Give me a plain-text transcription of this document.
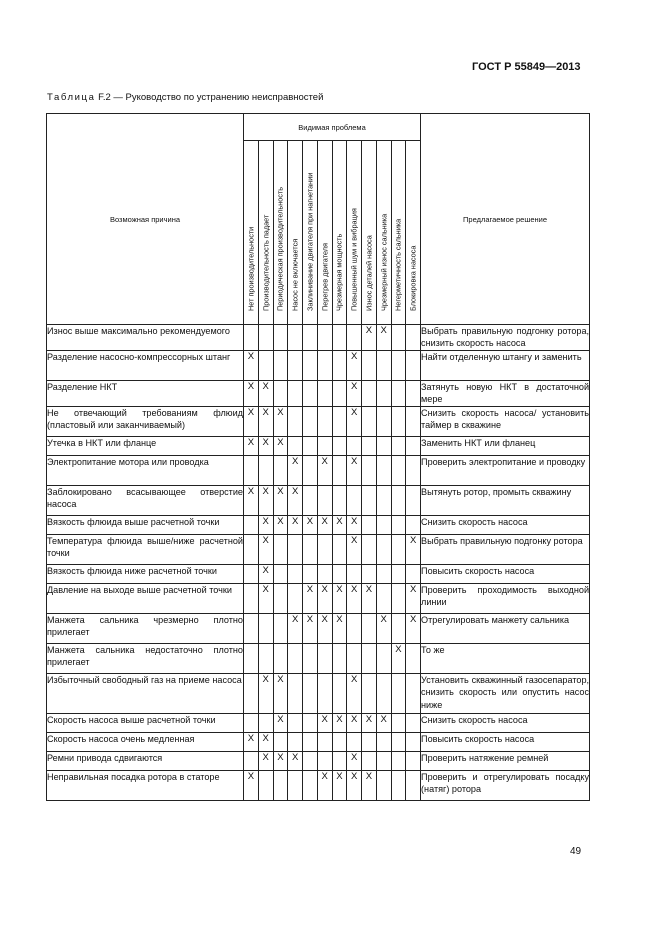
ГОСТ Р 55849—2013
Таблица F.2 — Руководство по устранению неисправностей
Возможная причина	Видимая проблема												Предлагаемое решение

	Нет производительности	Производительность падает	Периодическая производительность	Насос не включается	Заклинивание двигателя при нагнетании	Перегрев двигателя	Чрезмерная мощность	Повышенный шум и вибрация	Износ деталей насоса	Чрезмерный износ сальника	Негерметичность сальника	Блокировка насоса	

Износ выше максимально рекомендуемого									X	X			Выбрать правильную подгонку ротора, снизить скорость насоса
Разделение насосно-компрессорных штанг	X							X					Найти отделенную штангу и заменить
Разделение НКТ	X	X						X					Затянуть новую НКТ в достаточной мере
Не отвечающий требованиям флюид (пластовый или заканчиваемый)	X	X	X					X					Снизить скорость насоса/ установить таймер в скважине
Утечка в НКТ или фланце	X	X	X										Заменить НКТ или фланец
Электропитание мотора или проводка				X		X		X					Проверить электропитание и проводку
Заблокировано всасывающее отверстие насоса	X	X	X	X									Вытянуть ротор, промыть скважину
Вязкость флюида выше расчетной точки		X	X	X	X	X	X	X					Снизить скорость насоса
Температура флюида выше/ниже расчетной точки		X						X				X	Выбрать правильную подгонку ротора
Вязкость флюида ниже расчетной точки		X											Повысить скорость насоса
Давление на выходе выше расчетной точки		X			X	X	X	X	X			X	Проверить проходимость выходной линии
Манжета сальника чрезмерно плотно прилегает				X	X	X	X			X		X	Отрегулировать манжету сальника
Манжета сальника недостаточно плотно прилегает											X		То же
Избыточный свободный газ на приеме насоса		X	X					X					Установить скважинный газосепаратор, снизить скорость или опустить насос ниже
Скорость насоса выше расчетной точки			X			X	X	X	X	X			Снизить скорость насоса
Скорость насоса очень медленная	X	X											Повысить скорость насоса
Ремни привода сдвигаются		X	X	X				X					Проверить натяжение ремней
Неправильная посадка ротора в статоре	X					X	X	X	X				Проверить и отрегулировать посадку (натяг) ротора
49
